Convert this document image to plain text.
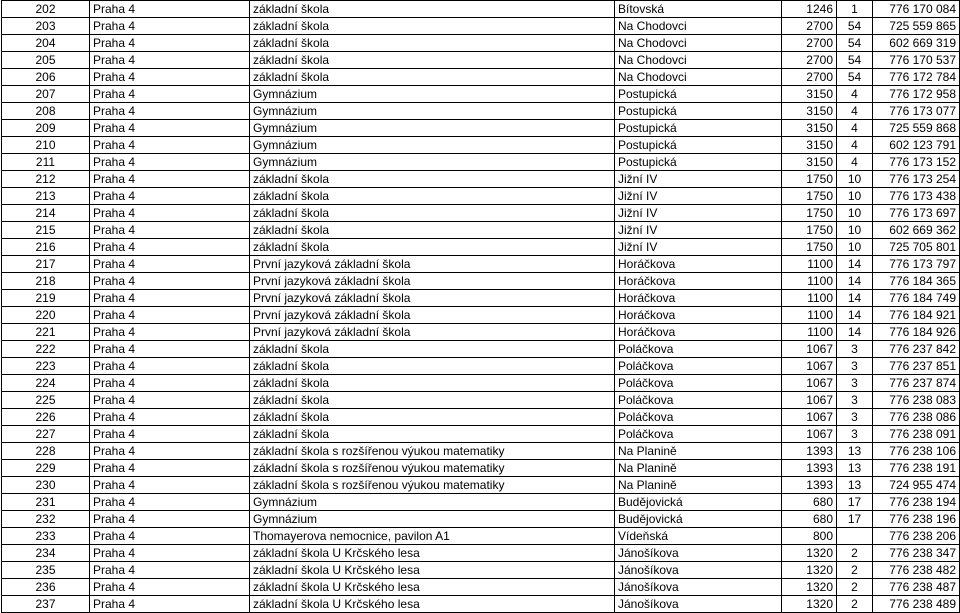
202	Praha 4	základní škola	Bítovská	1246	1	776 170 084
203	Praha 4	základní škola	Na Chodovci	2700	54	725 559 865
204	Praha 4	základní škola	Na Chodovci	2700	54	602 669 319
205	Praha 4	základní škola	Na Chodovci	2700	54	776 170 537
206	Praha 4	základní škola	Na Chodovci	2700	54	776 172 784
207	Praha 4	Gymnázium	Postupická	3150	4	776 172 958
208	Praha 4	Gymnázium	Postupická	3150	4	776 173 077
209	Praha 4	Gymnázium	Postupická	3150	4	725 559 868
210	Praha 4	Gymnázium	Postupická	3150	4	602 123 791
211	Praha 4	Gymnázium	Postupická	3150	4	776 173 152
212	Praha 4	základní škola	Jižní IV	1750	10	776 173 254
213	Praha 4	základní škola	Jižní IV	1750	10	776 173 438
214	Praha 4	základní škola	Jižní IV	1750	10	776 173 697
215	Praha 4	základní škola	Jižní IV	1750	10	602 669 362
216	Praha 4	základní škola	Jižní IV	1750	10	725 705 801
217	Praha 4	První jazyková základní škola	Horáčkova	1100	14	776 173 797
218	Praha 4	První jazyková základní škola	Horáčkova	1100	14	776 184 365
219	Praha 4	První jazyková základní škola	Horáčkova	1100	14	776 184 749
220	Praha 4	První jazyková základní škola	Horáčkova	1100	14	776 184 921
221	Praha 4	První jazyková základní škola	Horáčkova	1100	14	776 184 926
222	Praha 4	základní škola	Poláčkova	1067	3	776 237 842
223	Praha 4	základní škola	Poláčkova	1067	3	776 237 851
224	Praha 4	základní škola	Poláčkova	1067	3	776 237 874
225	Praha 4	základní škola	Poláčkova	1067	3	776 238 083
226	Praha 4	základní škola	Poláčkova	1067	3	776 238 086
227	Praha 4	základní škola	Poláčkova	1067	3	776 238 091
228	Praha 4	základní škola s rozšířenou výukou matematiky	Na Planině	1393	13	776 238 106
229	Praha 4	základní škola s rozšířenou výukou matematiky	Na Planině	1393	13	776 238 191
230	Praha 4	základní škola s rozšířenou výukou matematiky	Na Planině	1393	13	724 955 474
231	Praha 4	Gymnázium	Budějovická	680	17	776 238 194
232	Praha 4	Gymnázium	Budějovická	680	17	776 238 196
233	Praha 4	Thomayerova nemocnice, pavilon A1	Vídeňská	800		776 238 206
234	Praha 4	základní škola U Krčského lesa	Jánošíkova	1320	2	776 238 347
235	Praha 4	základní škola U Krčského lesa	Jánošíkova	1320	2	776 238 482
236	Praha 4	základní škola U Krčského lesa	Jánošíkova	1320	2	776 238 487
237	Praha 4	základní škola U Krčského lesa	Jánošíkova	1320	2	776 238 489
